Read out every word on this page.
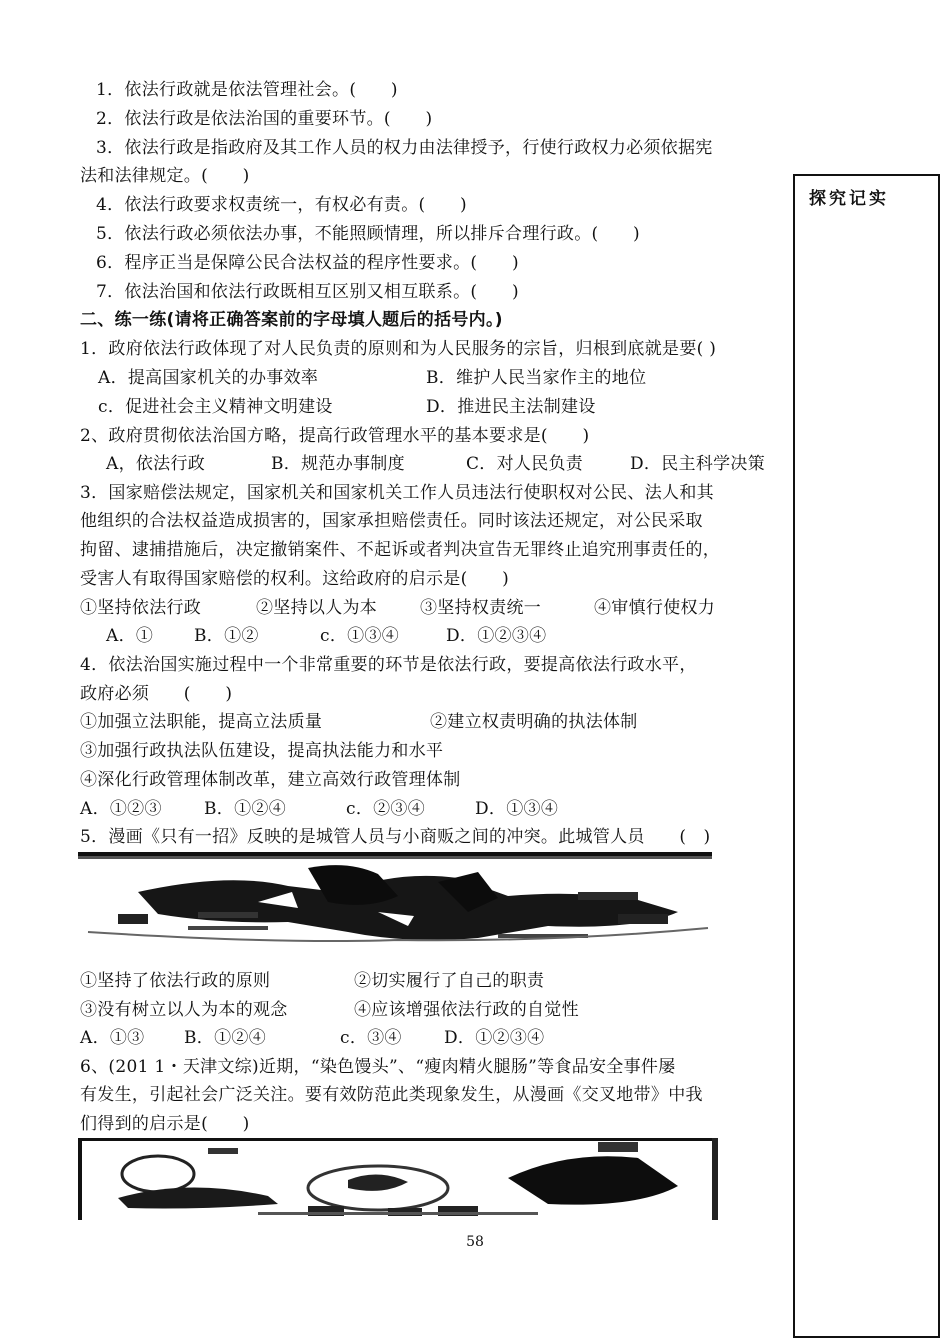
1．依法行政就是依法管理社会。(　　)
2．依法行政是依法治国的重要环节。(　　)
3．依法行政是指政府及其工作人员的权力由法律授予，行使行政权力必须依据宪
法和法律规定。(　　)
4．依法行政要求权责统一，有权必有责。(　　)
5．依法行政必须依法办事，不能照顾情理，所以排斥合理行政。(　　)
6．程序正当是保障公民合法权益的程序性要求。(　　)
7．依法治国和依法行政既相互区别又相互联系。(　　)
二、练一练(请将正确答案前的字母填人题后的括号内。)
1．政府依法行政体现了对人民负责的原则和为人民服务的宗旨，归根到底就是要( )
A．提高国家机关的办事效率	B．维护人民当家作主的地位
c．促进社会主义精神文明建设	D．推进民主法制建设
2、政府贯彻依法治国方略，提高行政管理水平的基本要求是(　　)
A，依法行政	B．规范办事制度	C．对人民负责	D．民主科学决策
3．国家赔偿法规定，国家机关和国家机关工作人员违法行使职权对公民、法人和其
他组织的合法权益造成损害的，国家承担赔偿责任。同时该法还规定，对公民采取
拘留、逮捕措施后，决定撤销案件、不起诉或者判决宣告无罪终止追究刑事责任的，
受害人有取得国家赔偿的权利。这给政府的启示是(　　)
①坚持依法行政	②坚持以人为本	③坚持权责统一	④审慎行使权力
A．① B．①②	c．①③④	D．①②③④
4．依法治国实施过程中一个非常重要的环节是依法行政，要提高依法行政水平，
政府必须　　(　　)
①加强立法职能，提高立法质量	②建立权责明确的执法体制
③加强行政执法队伍建设，提高执法能力和水平
④深化行政管理体制改革，建立高效行政管理体制
A．①②③ B．①②④	c．②③④	D．①③④
5．漫画《只有一招》反映的是城管人员与小商贩之间的冲突。此城管人员　　(　)
①坚持了依法行政的原则	②切实履行了自己的职责
③没有树立以人为本的观念	④应该增强依法行政的自觉性
A．①③ B．①②④	c．③④ D．①②③④
6、(201 1・天津文综)近期，“染色馒头”、“瘦肉精火腿肠”等食品安全事件屡
有发生，引起社会广泛关注。要有效防范此类现象发生，从漫画《交叉地带》中我
们得到的启示是(　　)
58
探究记实
